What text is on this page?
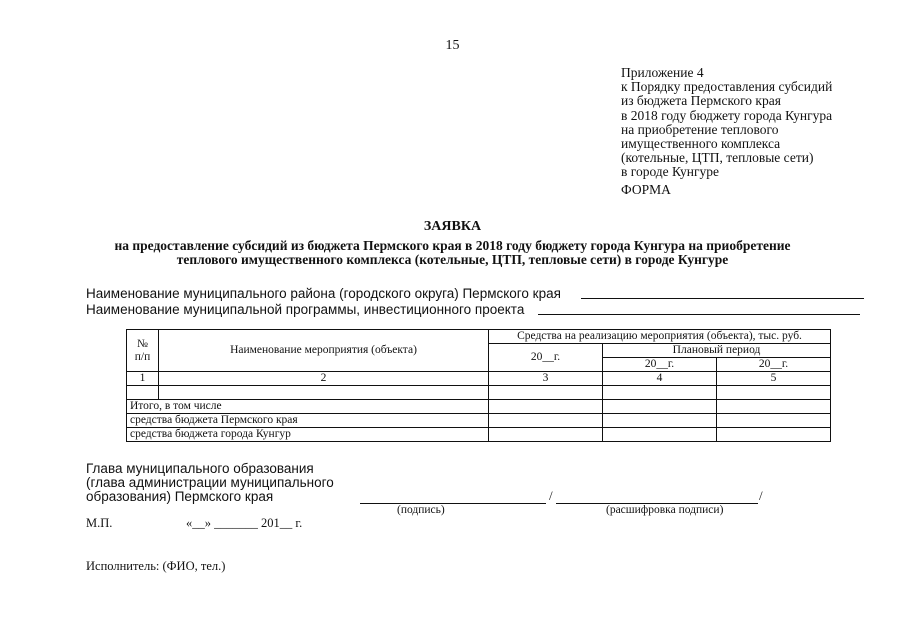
15
Приложение 4
к Порядку предоставления субсидий
из бюджета Пермского края
в 2018 году бюджету города Кунгура
на приобретение теплового
имущественного комплекса
(котельные, ЦТП, тепловые сети)
в городе Кунгуре
ФОРМА
ЗАЯВКА
на предоставление субсидий из бюджета Пермского края в 2018 году бюджету города Кунгура на приобретение
теплового имущественного комплекса (котельные, ЦТП, тепловые сети) в городе Кунгуре
Наименование муниципального района (городского округа) Пермского края
Наименование муниципальной программы, инвестиционного проекта
№
п/п	Наименование мероприятия (объекта)	Средства на реализацию мероприятия (объекта), тыс. руб.		
		20__г.	Плановый период	
			20__г.	20__г.
1	2	3	4	5

Итого, в том числе				
средства бюджета Пермского края				
средства бюджета города Кунгур				
Глава муниципального образования
(глава администрации муниципального
образования) Пермского края	/	/
(подпись)	(расшифровка подписи)
М.П.	«__» _______ 201__ г.
Исполнитель: (ФИО, тел.)
